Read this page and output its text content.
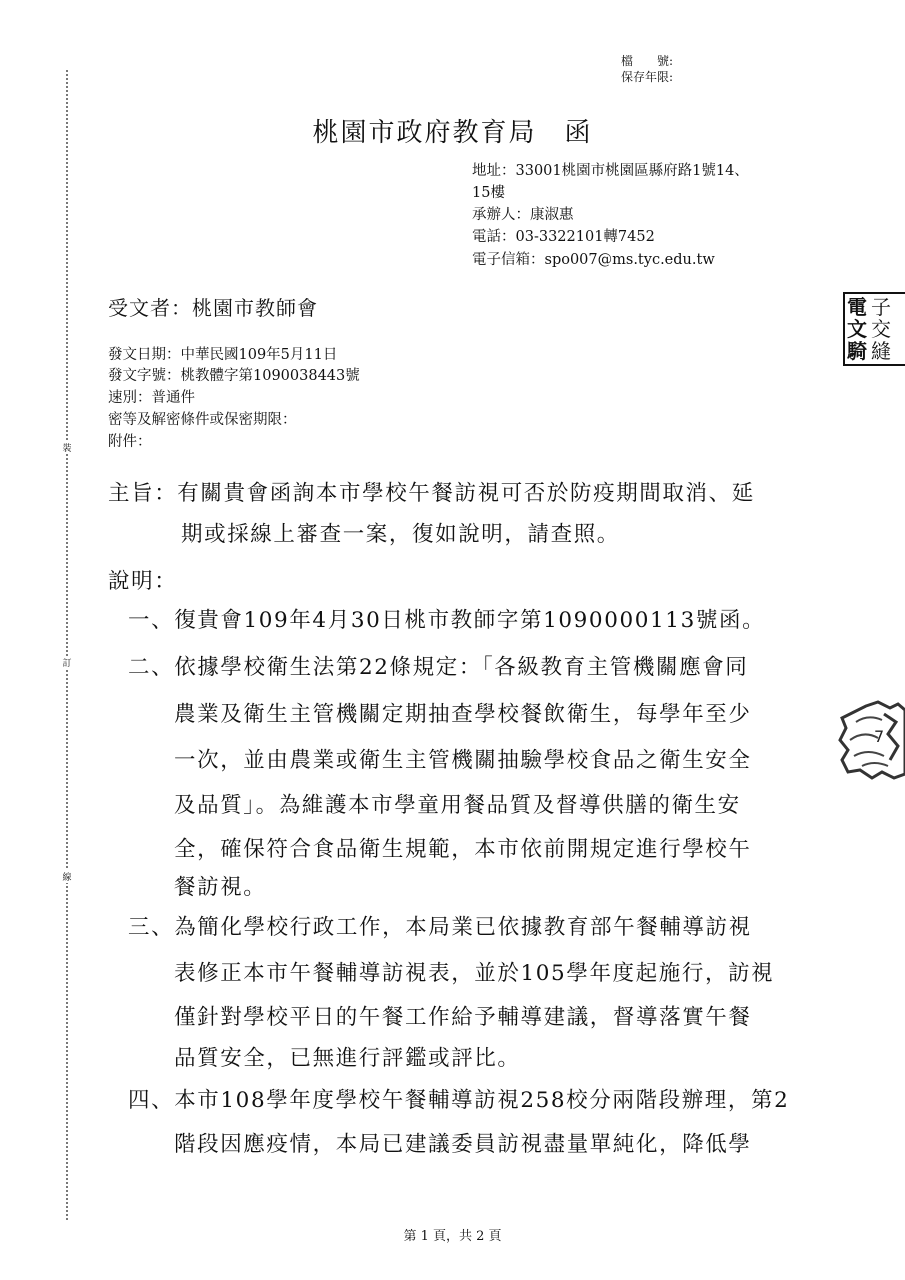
裝
訂
線
檔　　號:
保存年限:
桃園市政府教育局　函
地址：33001桃園市桃園區縣府路1號14、
15樓
承辦人：康淑惠
電話：03-3322101轉7452
電子信箱：spo007@ms.tyc.edu.tw
受文者：桃園市教師會
發文日期：中華民國109年5月11日
發文字號：桃教體字第1090038443號
速別：普通件
密等及解密條件或保密期限：
附件：
主旨：有關貴會函詢本市學校午餐訪視可否於防疫期間取消、延
期或採線上審查一案，復如說明，請查照。
說明：
一、復貴會109年4月30日桃市教師字第1090000113號函。
二、依據學校衛生法第22條規定：「各級教育主管機關應會同
農業及衛生主管機關定期抽查學校餐飲衛生，每學年至少
一次，並由農業或衛生主管機關抽驗學校食品之衛生安全
及品質」。為維護本市學童用餐品質及督導供膳的衛生安
全，確保符合食品衛生規範，本市依前開規定進行學校午
餐訪視。
三、為簡化學校行政工作，本局業已依據教育部午餐輔導訪視
表修正本市午餐輔導訪視表，並於105學年度起施行，訪視
僅針對學校平日的午餐工作給予輔導建議，督導落實午餐
品質安全，已無進行評鑑或評比。
四、本市108學年度學校午餐輔導訪視258校分兩階段辦理，第2
階段因應疫情，本局已建議委員訪視盡量單純化，降低學
電文騎
子交縫
7
第 1 頁，共 2 頁
